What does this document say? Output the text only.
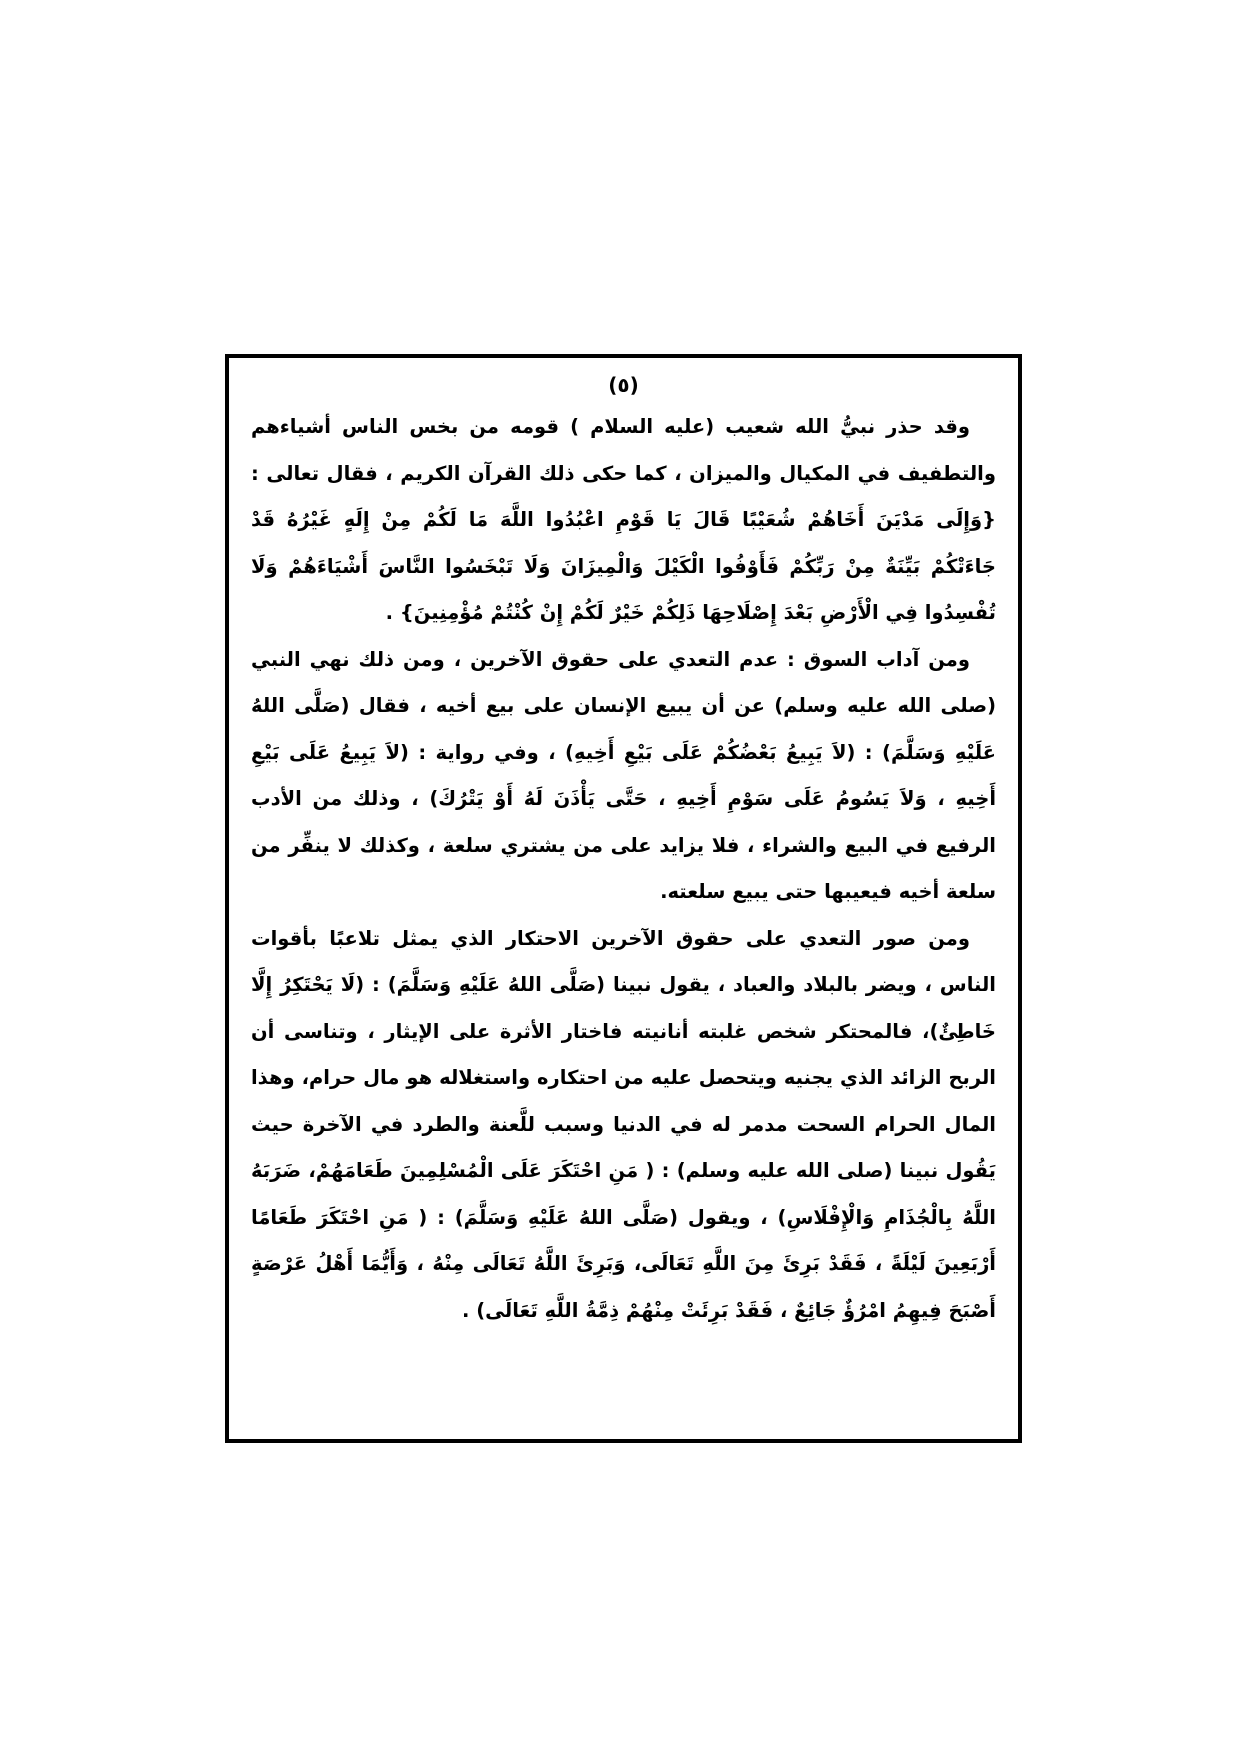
(٥)

وقد حذر نبيُّ الله شعيب (عليه السلام ) قومه من بخس الناس أشياءهم والتطفيف في المكيال والميزان ، كما حكى ذلك القرآن الكريم ، فقال تعالى : {وَإِلَى مَدْيَنَ أَخَاهُمْ شُعَيْبًا قَالَ يَا قَوْمِ اعْبُدُوا اللَّهَ مَا لَكُمْ مِنْ إِلَهٍ غَيْرُهُ قَدْ جَاءَتْكُمْ بَيِّنَةٌ مِنْ رَبِّكُمْ فَأَوْفُوا الْكَيْلَ وَالْمِيزَانَ وَلَا تَبْخَسُوا النَّاسَ أَشْيَاءَهُمْ وَلَا تُفْسِدُوا فِي الْأَرْضِ بَعْدَ إِصْلَاحِهَا ذَلِكُمْ خَيْرٌ لَكُمْ إِنْ كُنْتُمْ مُؤْمِنِينَ} .

ومن آداب السوق : عدم التعدي على حقوق الآخرين ، ومن ذلك نهي النبي (صلى الله عليه وسلم) عن أن يبيع الإنسان على بيع أخيه ، فقال (صَلَّى اللهُ عَلَيْهِ وَسَلَّمَ) : (لاَ يَبِيعُ بَعْضُكُمْ عَلَى بَيْعِ أَخِيهِ) ، وفي رواية : (لاَ يَبِيعُ عَلَى بَيْعِ أَخِيهِ ، وَلاَ يَسُومُ عَلَى سَوْمِ أَخِيهِ ، حَتَّى يَأْذَنَ لَهُ أَوْ يَتْرُكَ) ، وذلك من الأدب الرفيع في البيع والشراء ، فلا يزايد على من يشتري سلعة ، وكذلك لا ينفِّر من سلعة أخيه فيعيبها حتى يبيع سلعته.

ومن صور التعدي على حقوق الآخرين الاحتكار الذي يمثل تلاعبًا بأقوات الناس ، ويضر بالبلاد والعباد ، يقول نبينا (صَلَّى اللهُ عَلَيْهِ وَسَلَّمَ) : (لَا يَحْتَكِرُ إِلَّا خَاطِئٌ)، فالمحتكر شخص غلبته أنانيته فاختار الأثرة على الإيثار ، وتناسى أن الربح الزائد الذي يجنيه ويتحصل عليه من احتكاره واستغلاله هو مال حرام، وهذا المال الحرام السحت مدمر له في الدنيا وسبب للَّعنة والطرد في الآخرة حيث يَقُول نبينا (صلى الله عليه وسلم) : ( مَنِ احْتَكَرَ عَلَى الْمُسْلِمِينَ طَعَامَهُمْ، ضَرَبَهُ اللَّهُ بِالْجُذَامِ وَالْإِفْلَاسِ) ، ويقول (صَلَّى اللهُ عَلَيْهِ وَسَلَّمَ) : ( مَنِ احْتَكَرَ طَعَامًا أَرْبَعِينَ لَيْلَةً ، فَقَدْ بَرِئَ مِنَ اللَّهِ تَعَالَى، وَبَرِئَ اللَّهُ تَعَالَى مِنْهُ ، وَأَيُّمَا أَهْلُ عَرْصَةٍ أَصْبَحَ فِيهِمُ امْرُؤٌ جَائِعٌ ، فَقَدْ بَرِئَتْ مِنْهُمْ ذِمَّةُ اللَّهِ تَعَالَى) .
